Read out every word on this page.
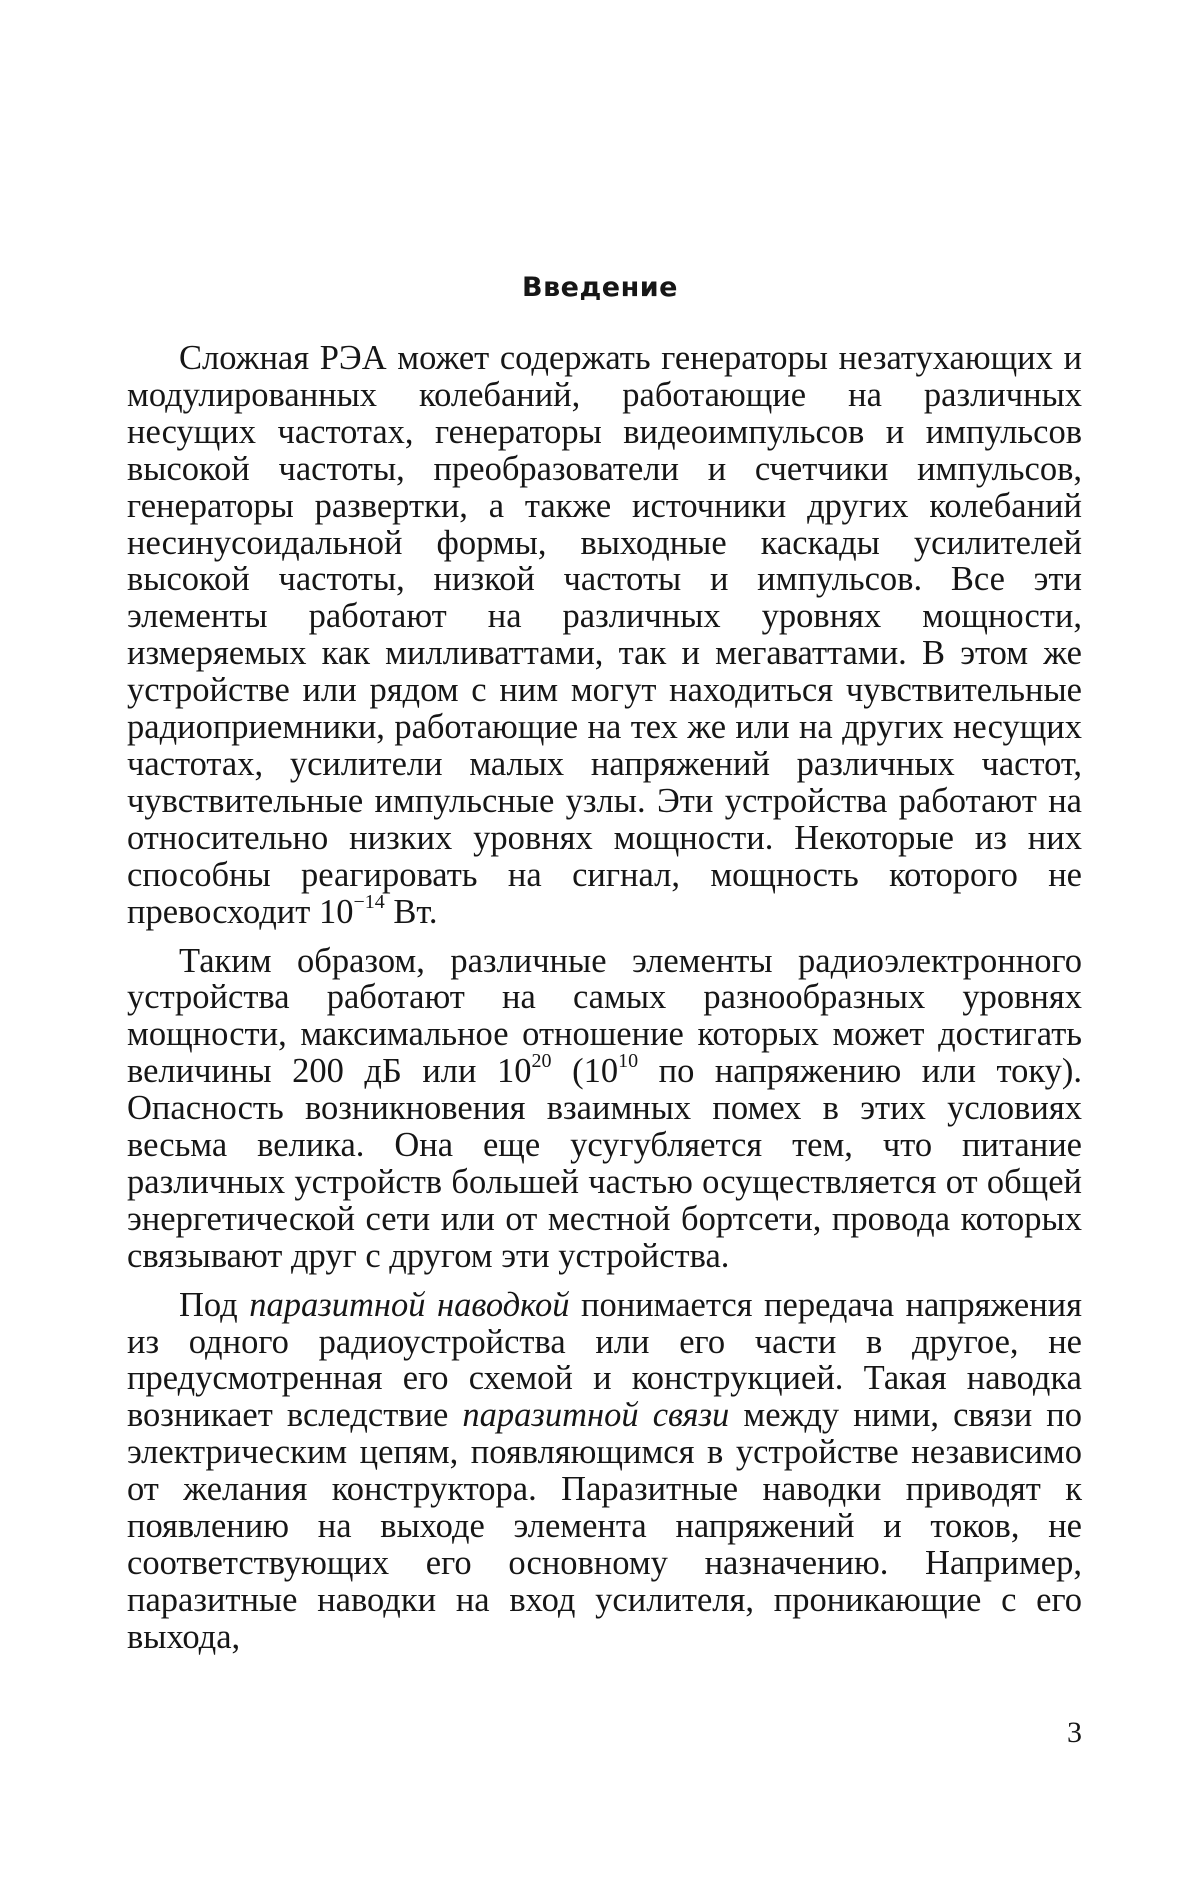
Введение

Сложная РЭА может содержать генераторы незатухающих и модулированных колебаний, работающие на различных несущих частотах, генераторы видеоимпульсов и импульсов высокой частоты, преобразователи и счетчики импульсов, генераторы развертки, а также источники других колебаний несинусоидальной формы, выходные каскады усилителей высокой частоты, низкой частоты и импульсов. Все эти элементы работают на различных уровнях мощности, измеряемых как милливаттами, так и мегаваттами. В этом же устройстве или рядом с ним могут находиться чувствительные радиоприемники, работающие на тех же или на других несущих частотах, усилители малых напряжений различных частот, чувствительные импульсные узлы. Эти устройства работают на относительно низких уровнях мощности. Некоторые из них способны реагировать на сигнал, мощность которого не превосходит $10^{-14}$ Вт.

Таким образом, различные элементы радиоэлектронного устройства работают на самых разнообразных уровнях мощности, максимальное отношение которых может достигать величины 200 дБ или $10^{20}$ ($10^{10}$ по напряжению или току). Опасность возникновения взаимных помех в этих условиях весьма велика. Она еще усугубляется тем, что питание различных устройств большей частью осуществляется от общей энергетической сети или от местной бортсети, провода которых связывают друг с другом эти устройства.

Под паразитной наводкой понимается передача напряжения из одного радиоустройства или его части в другое, не предусмотренная его схемой и конструкцией. Такая наводка возникает вследствие паразитной связи между ними, связи по электрическим цепям, появляющимся в устройстве независимо от желания конструктора. Паразитные наводки приводят к появлению на выходе элемента напряжений и токов, не соответствующих его основному назначению. Например, паразитные наводки на вход усилителя, проникающие с его выхода,

3
